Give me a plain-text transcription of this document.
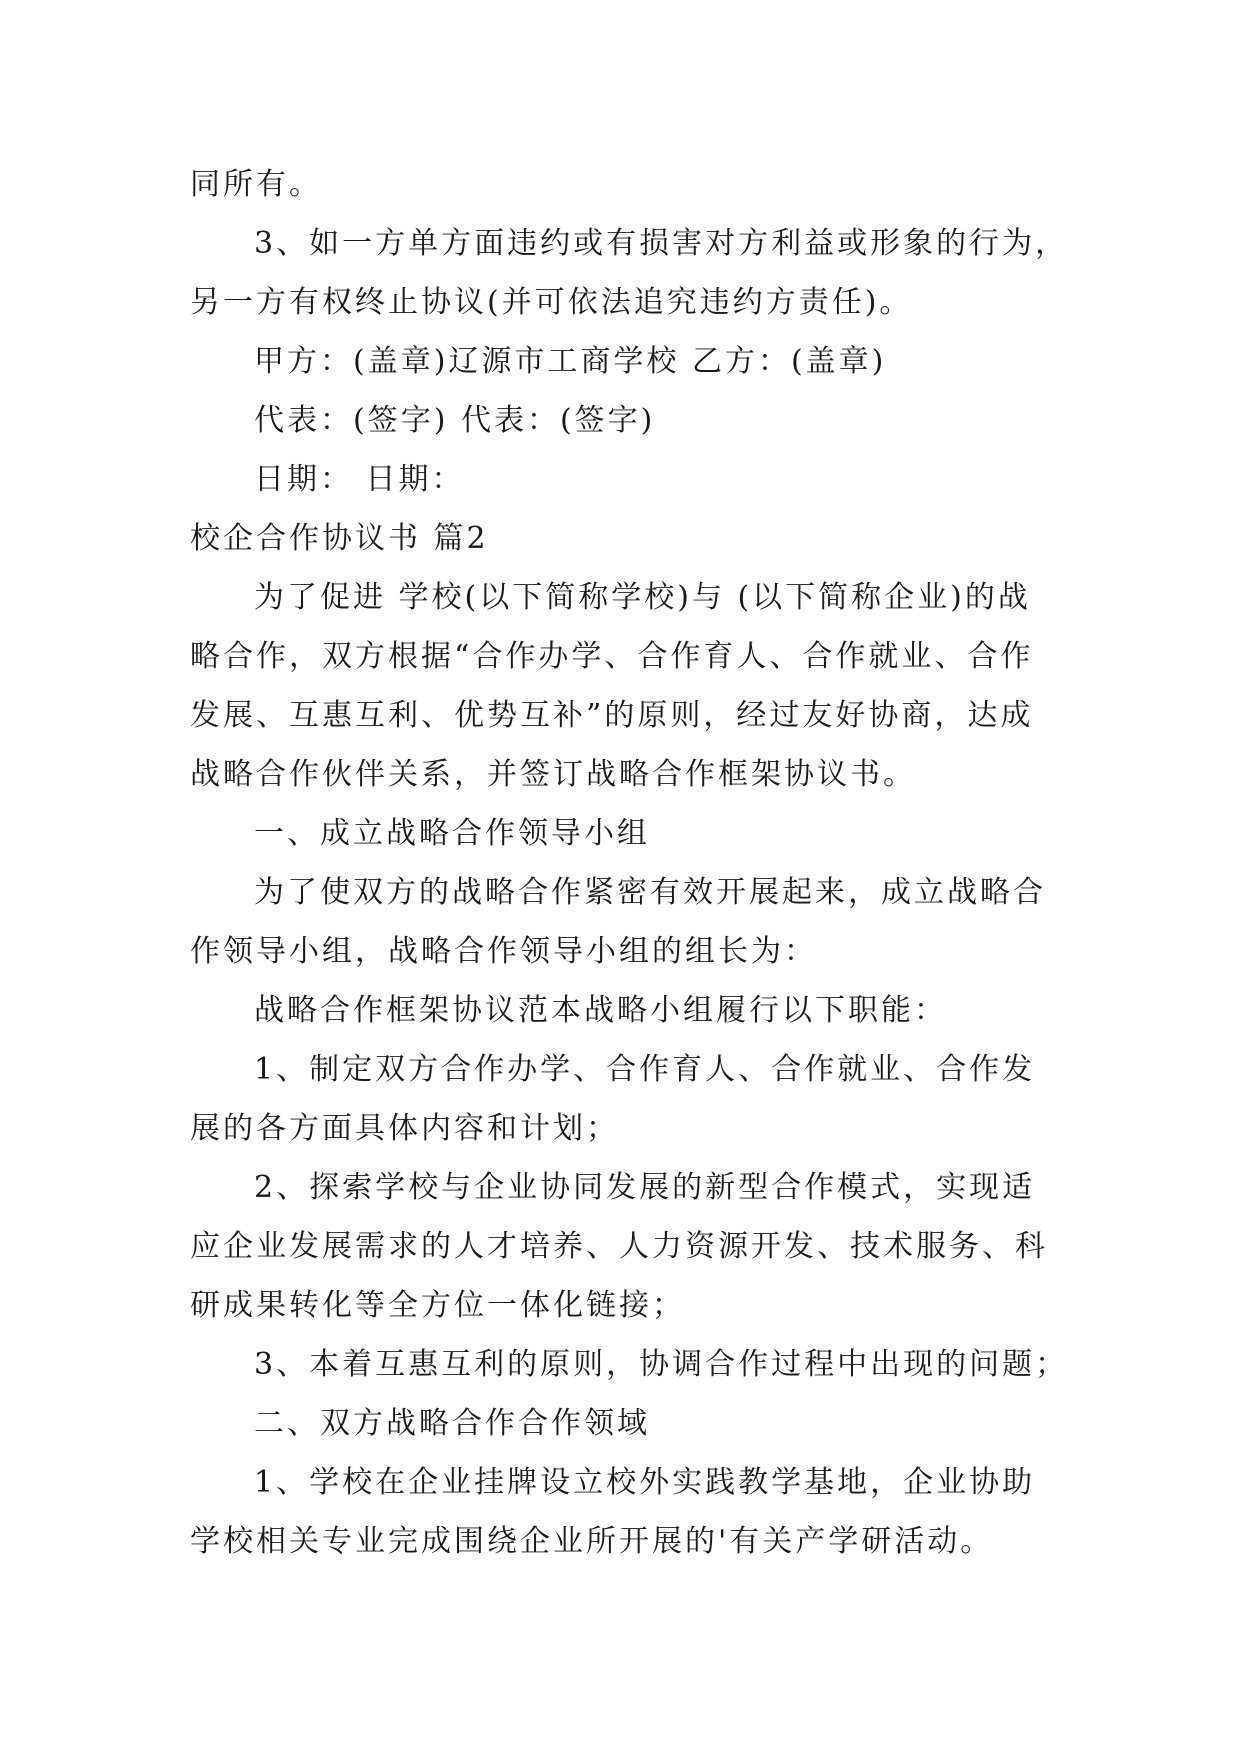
同所有。
3、如一方单方面违约或有损害对方利益或形象的行为，
另一方有权终止协议(并可依法追究违约方责任)。
甲方：(盖章)辽源市工商学校 乙方：(盖章)
代表：(签字) 代表：(签字)
日期： 日期：
校企合作协议书 篇2
为了促进 学校(以下简称学校)与 (以下简称企业)的战
略合作，双方根据“合作办学、合作育人、合作就业、合作
发展、互惠互利、优势互补”的原则，经过友好协商，达成
战略合作伙伴关系，并签订战略合作框架协议书。
一、成立战略合作领导小组
为了使双方的战略合作紧密有效开展起来，成立战略合
作领导小组，战略合作领导小组的组长为：
战略合作框架协议范本战略小组履行以下职能：
1、制定双方合作办学、合作育人、合作就业、合作发
展的各方面具体内容和计划；
2、探索学校与企业协同发展的新型合作模式，实现适
应企业发展需求的人才培养、人力资源开发、技术服务、科
研成果转化等全方位一体化链接；
3、本着互惠互利的原则，协调合作过程中出现的问题；
二、双方战略合作合作领域
1、学校在企业挂牌设立校外实践教学基地，企业协助
学校相关专业完成围绕企业所开展的'有关产学研活动。
